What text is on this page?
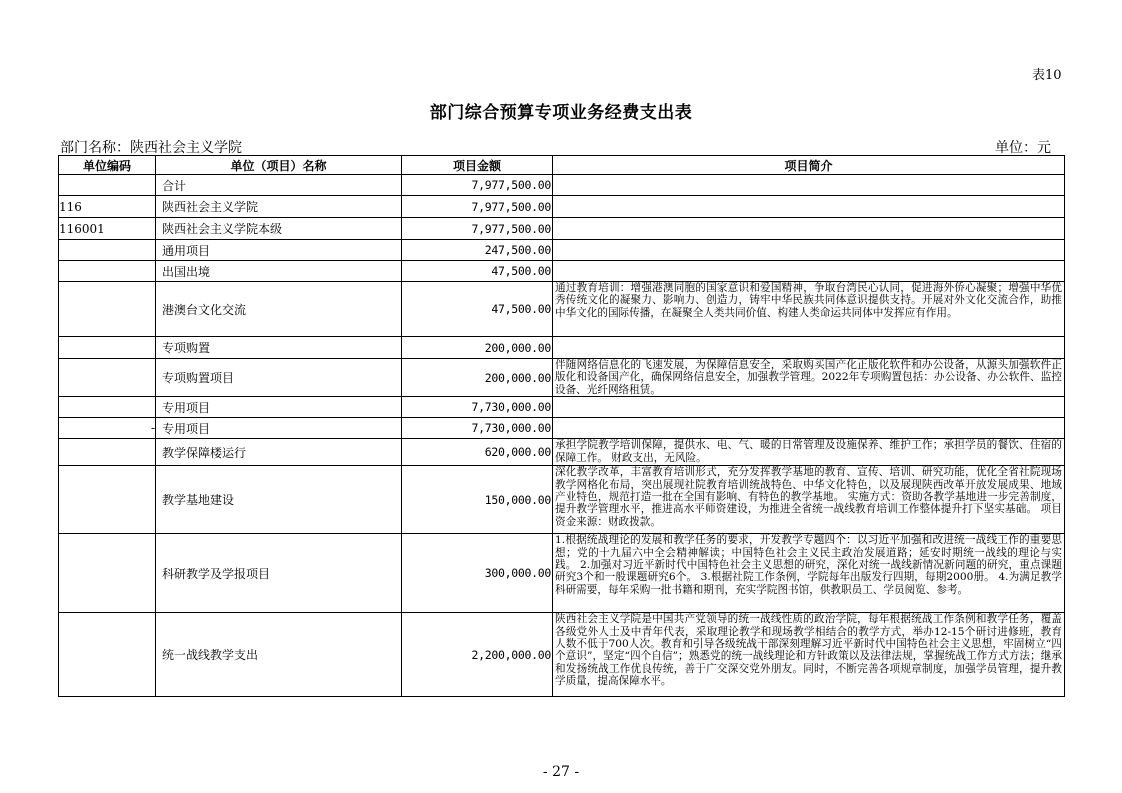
表10
部门综合预算专项业务经费支出表
部门名称：陕西社会主义学院	单位：元
单位编码	单位（项目）名称	项目金额	项目简介
	合计	7,977,500.00	
116	陕西社会主义学院	7,977,500.00	
116001	陕西社会主义学院本级	7,977,500.00	
	通用项目	247,500.00	
	出国出境	47,500.00	
	港澳台文化交流	47,500.00	通过教育培训：增强港澳同胞的国家意识和爱国精神，争取台湾民心认同，促进海外侨心凝聚；增强中华优秀传统文化的凝聚力、影响力、创造力，铸牢中华民族共同体意识提供支持。开展对外文化交流合作，助推中华文化的国际传播，在凝聚全人类共同价值、构建人类命运共同体中发挥应有作用。
	专项购置	200,000.00	
	专项购置项目	200,000.00	伴随网络信息化的飞速发展，为保障信息安全，采取购买国产化正版化软件和办公设备，从源头加强软件正版化和设备国产化，确保网络信息安全，加强教学管理。2022年专项购置包括：办公设备、办公软件、监控设备、光纤网络租赁。
	专用项目	7,730,000.00	
-	专用项目	7,730,000.00	
	教学保障楼运行	620,000.00	承担学院教学培训保障，提供水、电、气、暖的日常管理及设施保养、维护工作；承担学员的餐饮、住宿的保障工作。 财政支出，无风险。
	教学基地建设	150,000.00	深化教学改革，丰富教育培训形式，充分发挥教学基地的教育、宣传、培训、研究功能，优化全省社院现场教学网格化布局，突出展现社院教育培训统战特色、中华文化特色，以及展现陕西改革开放发展成果、地域产业特色，规范打造一批在全国有影响、有特色的教学基地。 实施方式：资助各教学基地进一步完善制度，提升教学管理水平，推进高水平师资建设，为推进全省统一战线教育培训工作整体提升打下坚实基础。 项目资金来源：财政拨款。
	科研教学及学报项目	300,000.00	1.根据统战理论的发展和教学任务的要求，开发教学专题四个：以习近平加强和改进统一战线工作的重要思想；党的十九届六中全会精神解读；中国特色社会主义民主政治发展道路；延安时期统一战线的理论与实践。 2.加强对习近平新时代中国特色社会主义思想的研究，深化对统一战线新情况新问题的研究，重点课题研究3个和一般课题研究6个。 3.根据社院工作条例，学院每年出版发行四期，每期2000册。 4.为满足教学科研需要，每年采购一批书籍和期刊，充实学院图书馆，供教职员工、学员阅览、参考。
	统一战线教学支出	2,200,000.00	陕西社会主义学院是中国共产党领导的统一战线性质的政治学院，每年根据统战工作条例和教学任务，覆盖各级党外人士及中青年代表，采取理论教学和现场教学相结合的教学方式，举办12-15个研讨进修班，教育人数不低于700人次。教育和引导各级统战干部深刻理解习近平新时代中国特色社会主义思想，牢固树立“四个意识”，坚定“四个自信”；熟悉党的统一战线理论和方针政策以及法律法规，掌握统战工作方式方法；继承和发扬统战工作优良传统，善于广交深交党外朋友。同时，不断完善各项规章制度，加强学员管理，提升教学质量，提高保障水平。
- 27 -
